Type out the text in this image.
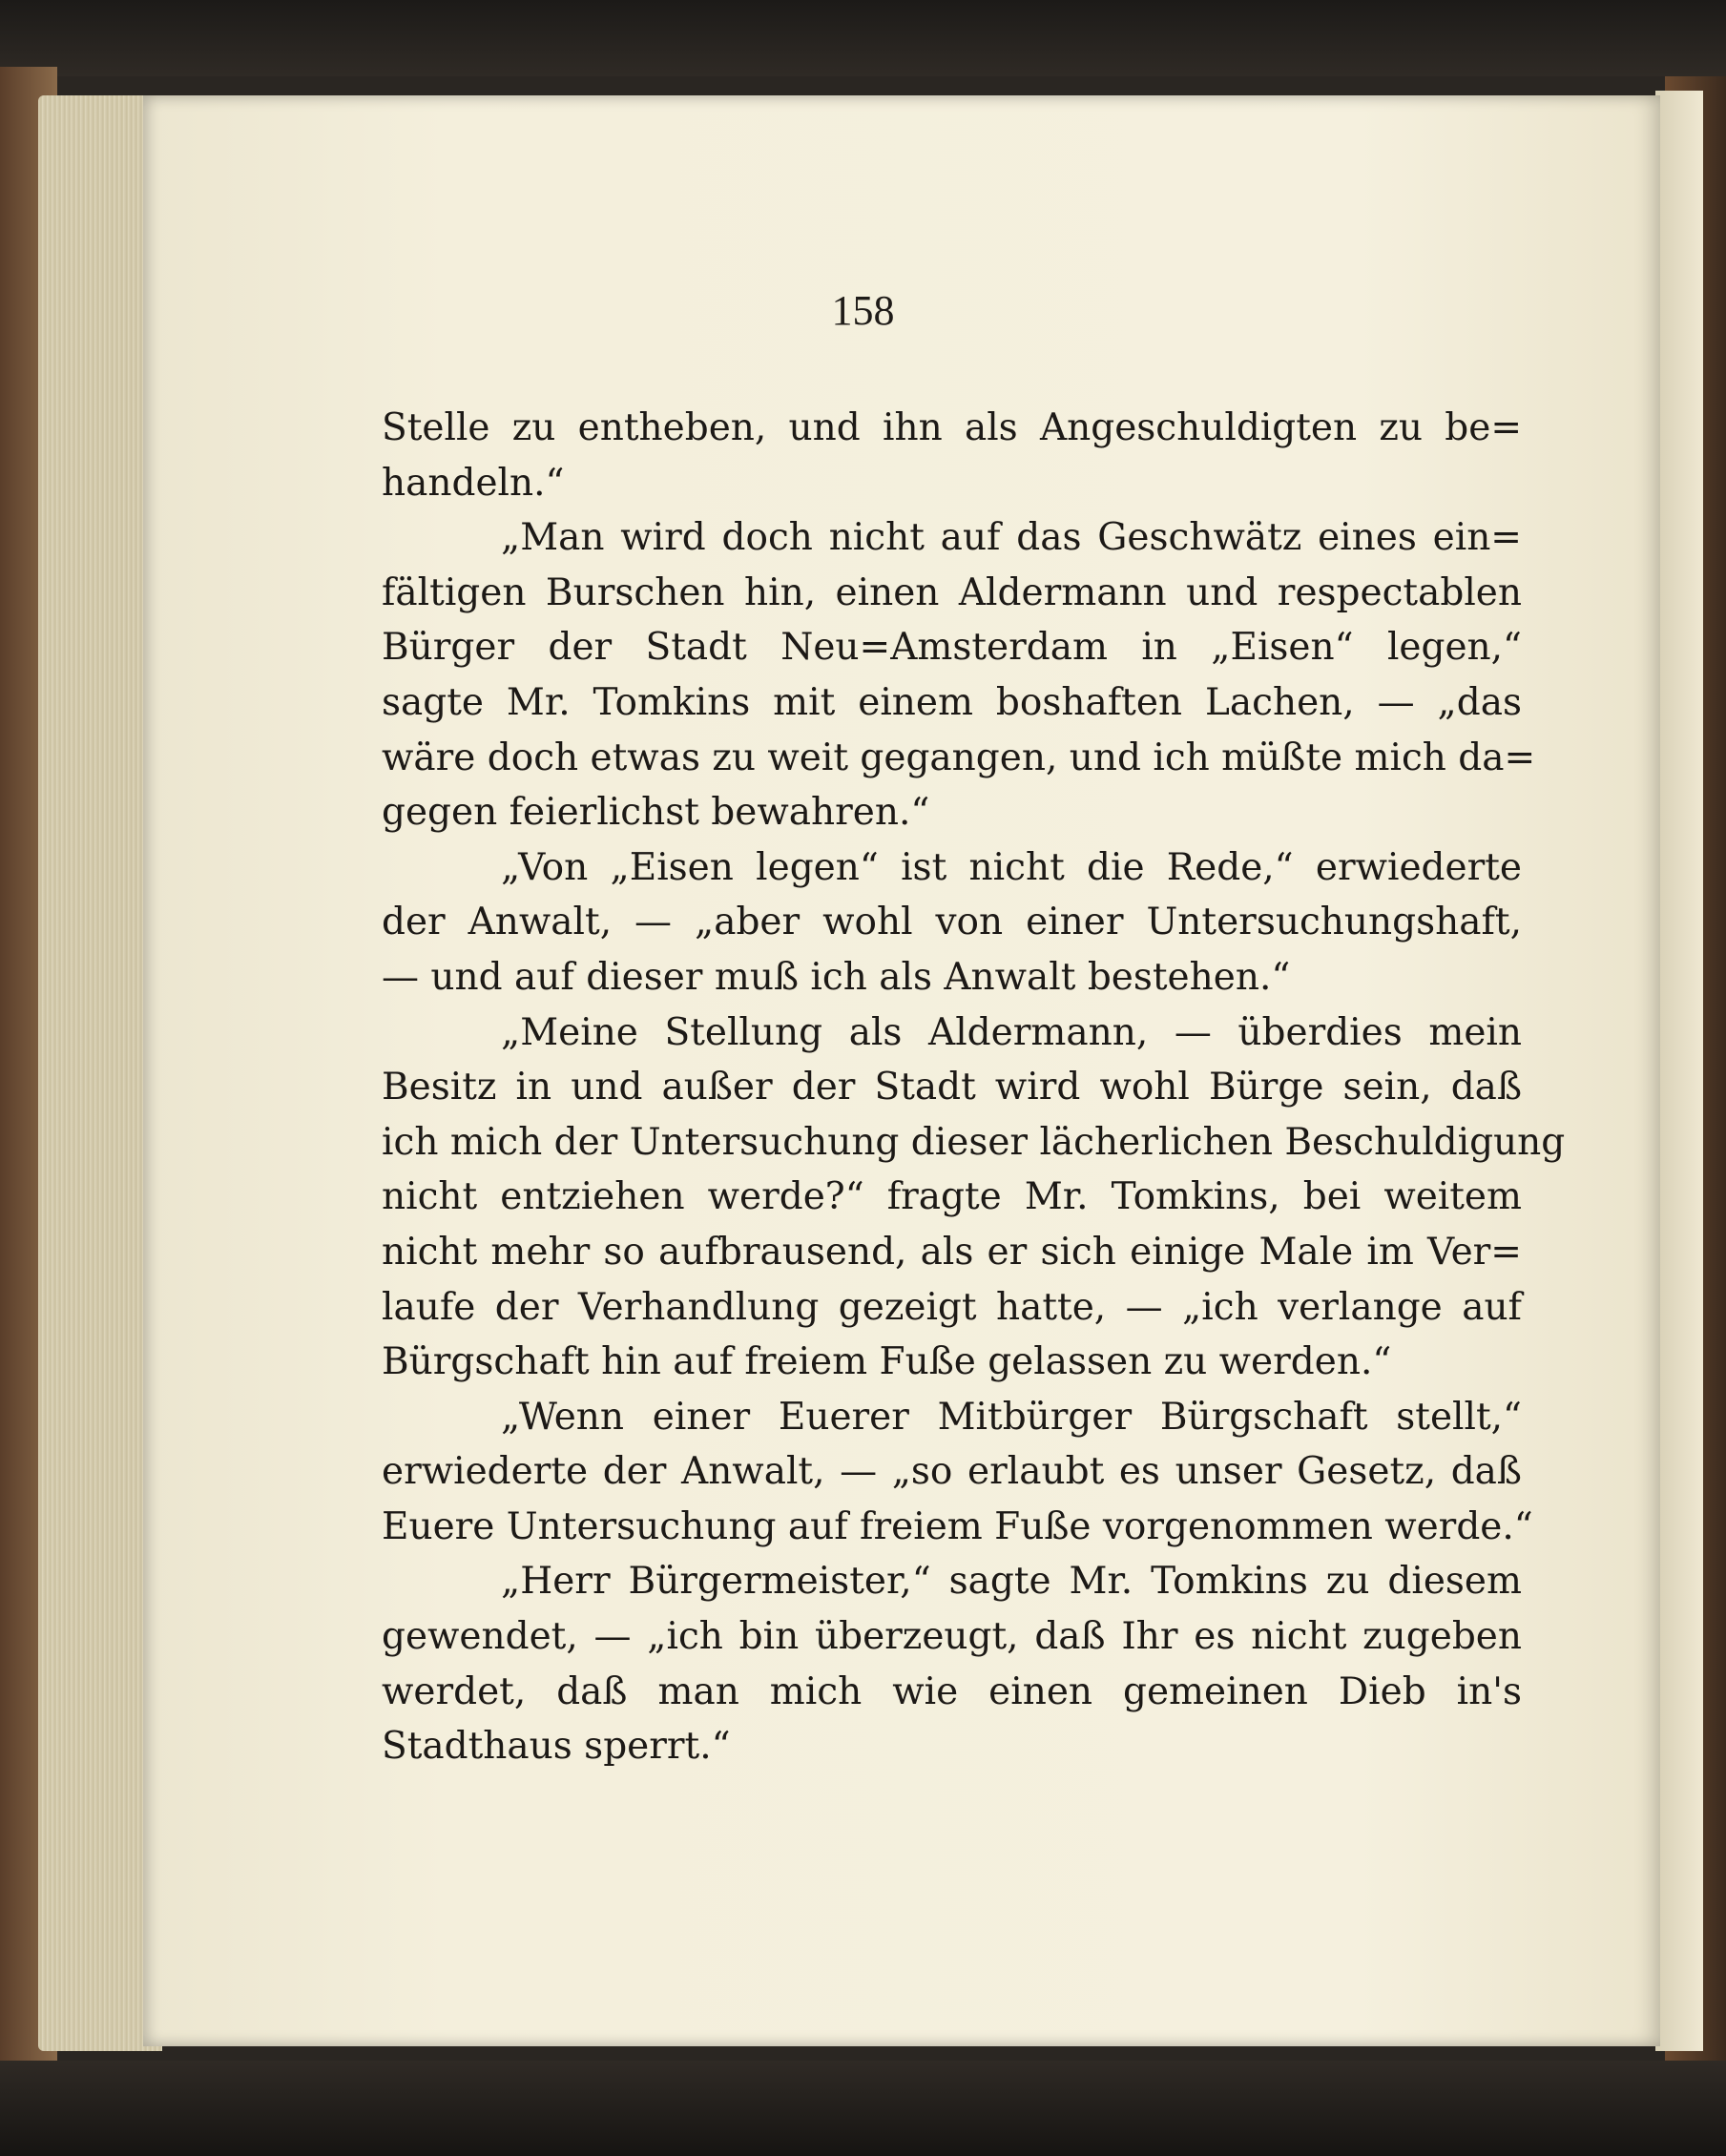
158

Stelle zu entheben, und ihn als Angeschuldigten zu be=
handeln.“
„Man wird doch nicht auf das Geschwätz eines ein=
fältigen Burschen hin, einen Aldermann und respectablen
Bürger der Stadt Neu=Amsterdam in „Eisen“ legen,“
sagte Mr. Tomkins mit einem boshaften Lachen, — „das
wäre doch etwas zu weit gegangen, und ich müßte mich da=
gegen feierlichst bewahren.“
„Von „Eisen legen“ ist nicht die Rede,“ erwiederte
der Anwalt, — „aber wohl von einer Untersuchungshaft,
— und auf dieser muß ich als Anwalt bestehen.“
„Meine Stellung als Aldermann, — überdies mein
Besitz in und außer der Stadt wird wohl Bürge sein, daß
ich mich der Untersuchung dieser lächerlichen Beschuldigung
nicht entziehen werde?“ fragte Mr. Tomkins, bei weitem
nicht mehr so aufbrausend, als er sich einige Male im Ver=
laufe der Verhandlung gezeigt hatte, — „ich verlange auf
Bürgschaft hin auf freiem Fuße gelassen zu werden.“
„Wenn einer Euerer Mitbürger Bürgschaft stellt,“
erwiederte der Anwalt, — „so erlaubt es unser Gesetz, daß
Euere Untersuchung auf freiem Fuße vorgenommen werde.“
„Herr Bürgermeister,“ sagte Mr. Tomkins zu diesem
gewendet, — „ich bin überzeugt, daß Ihr es nicht zugeben
werdet, daß man mich wie einen gemeinen Dieb in's
Stadthaus sperrt.“
